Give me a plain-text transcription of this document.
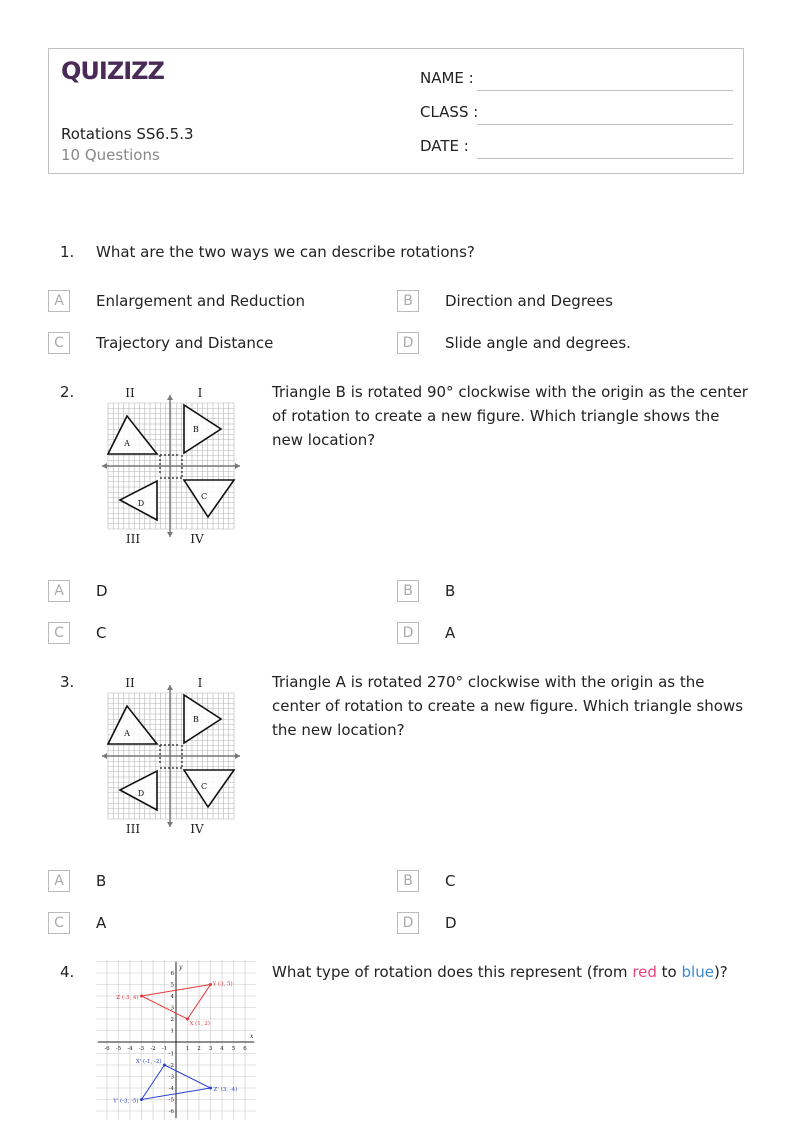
QUIZIZZ
Rotations SS6.5.3
10 Questions
NAME :
CLASS :
DATE :
1. What are the two ways we can describe rotations?
A	Enlargement and Reduction	B	Direction and Degrees
C	Trajectory and Distance	D	Slide angle and degrees.
2.	Triangle B is rotated 90° clockwise with the origin as the center of rotation to create a new figure. Which triangle shows the new location?
A
B
C
D
I
II
III	IV
A	D	B	B
C	C	D	A
3.	Triangle A is rotated 270° clockwise with the origin as the center of rotation to create a new figure. Which triangle shows the new location?
A
B
C
D
I
II
III	IV
A	B	B	C
C	A	D	D
4.	What type of rotation does this represent (from red to blue)?
x
y
-6 -5 -4 -3 -2 -1	1 2 3 4 5 6
6
5
4
3
2
1
-1
-2
-3
-4
-5
-6
Y (3, 5)
Z (-3, 4)
X (1, 2)
X' (-1, -2)
Z' (3, -4)
Y' (-3, -5)
